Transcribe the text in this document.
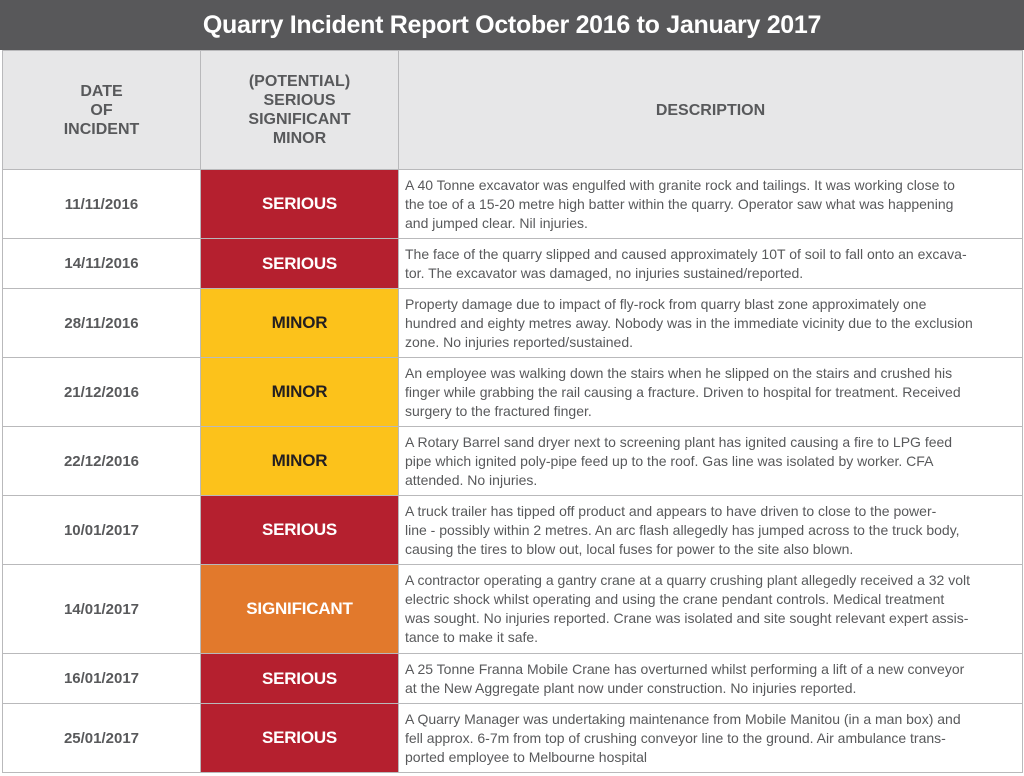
Quarry Incident Report October 2016 to January 2017
DATE
OF
INCIDENT	(POTENTIAL)
SERIOUS
SIGNIFICANT
MINOR	DESCRIPTION

11/11/2016	SERIOUS	A 40 Tonne excavator was engulfed with granite rock and tailings. It was working close to
the toe of a 15-20 metre high batter within the quarry. Operator saw what was happening
and jumped clear. Nil injuries.

14/11/2016	SERIOUS	The face of the quarry slipped and caused approximately 10T of soil to fall onto an excava-
tor. The excavator was damaged, no injuries sustained/reported.

28/11/2016	MINOR	Property damage due to impact of fly-rock from quarry blast zone approximately one
hundred and eighty metres away. Nobody was in the immediate vicinity due to the exclusion
zone. No injuries reported/sustained.

21/12/2016	MINOR	An employee was walking down the stairs when he slipped on the stairs and crushed his
finger while grabbing the rail causing a fracture. Driven to hospital for treatment. Received
surgery to the fractured finger.

22/12/2016	MINOR	A Rotary Barrel sand dryer next to screening plant has ignited causing a fire to LPG feed
pipe which ignited poly-pipe feed up to the roof. Gas line was isolated by worker. CFA
attended. No injuries.

10/01/2017	SERIOUS	A truck trailer has tipped off product and appears to have driven to close to the power-
line - possibly within 2 metres. An arc flash allegedly has jumped across to the truck body,
causing the tires to blow out, local fuses for power to the site also blown.

14/01/2017	SIGNIFICANT	A contractor operating a gantry crane at a quarry crushing plant allegedly received a 32 volt
electric shock whilst operating and using the crane pendant controls. Medical treatment
was sought. No injuries reported. Crane was isolated and site sought relevant expert assis-
tance to make it safe.

16/01/2017	SERIOUS	A 25 Tonne Franna Mobile Crane has overturned whilst performing a lift of a new conveyor
at the New Aggregate plant now under construction. No injuries reported.

25/01/2017	SERIOUS	A Quarry Manager was undertaking maintenance from Mobile Manitou (in a man box) and
fell approx. 6-7m from top of crushing conveyor line to the ground. Air ambulance trans-
ported employee to Melbourne hospital
